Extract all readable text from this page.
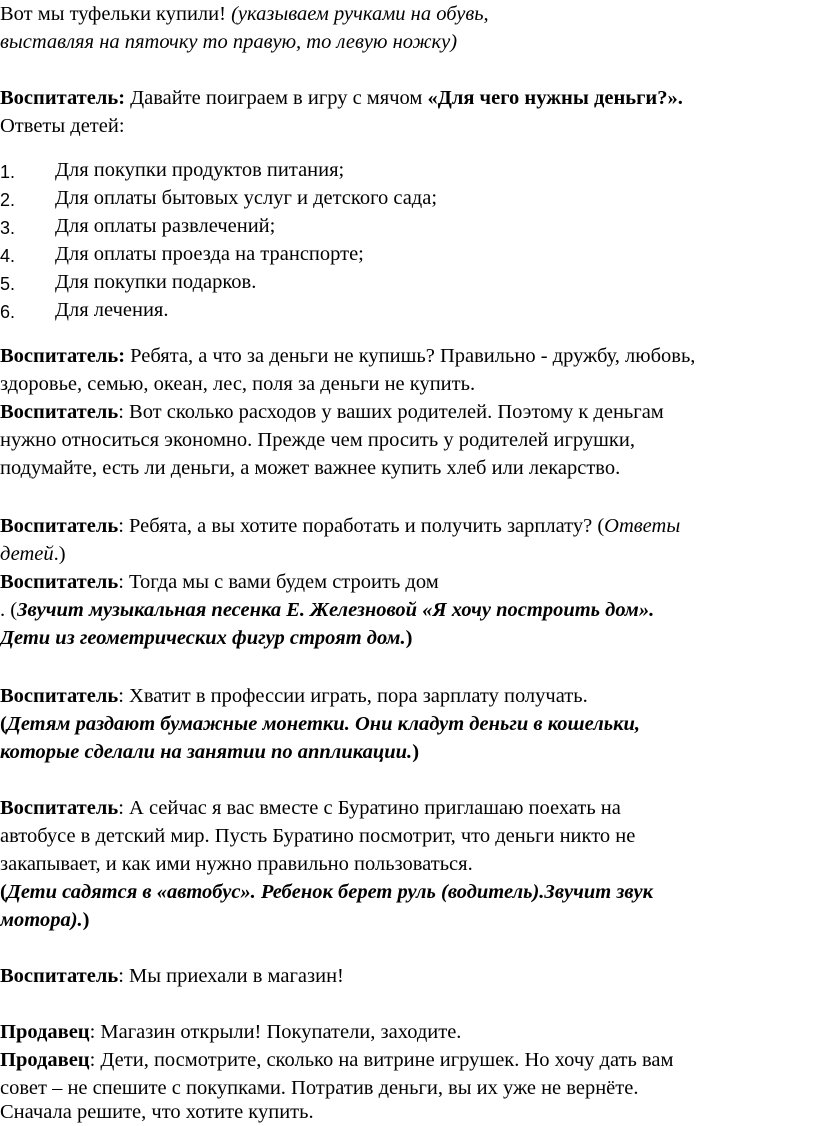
Вот мы туфельки купили! (указываем ручками на обувь,
выставляя на пяточку то правую, то левую ножку)
Воспитатель: Давайте поиграем в игру с мячом «Для чего нужны деньги?».
Ответы детей:
1. Для покупки продуктов питания;
2. Для оплаты бытовых услуг и детского сада;
3. Для оплаты развлечений;
4. Для оплаты проезда на транспорте;
5. Для покупки подарков.
6. Для лечения.
Воспитатель: Ребята, а что за деньги не купишь? Правильно - дружбу, любовь,
здоровье, семью, океан, лес, поля за деньги не купить.
Воспитатель: Вот сколько расходов у ваших родителей. Поэтому к деньгам
нужно относиться экономно. Прежде чем просить у родителей игрушки,
подумайте, есть ли деньги, а может важнее купить хлеб или лекарство.
Воспитатель: Ребята, а вы хотите поработать и получить зарплату? (Ответы
детей.)
Воспитатель: Тогда мы с вами будем строить дом
. (Звучит музыкальная песенка Е. Железновой «Я хочу построить дом».
Дети из геометрических фигур строят дом.)
Воспитатель: Хватит в профессии играть, пора зарплату получать.
(Детям раздают бумажные монетки. Они кладут деньги в кошельки,
которые сделали на занятии по аппликации.)
Воспитатель: А сейчас я вас вместе с Буратино приглашаю поехать на
автобусе в детский мир. Пусть Буратино посмотрит, что деньги никто не
закапывает, и как ими нужно правильно пользоваться.
(Дети садятся в «автобус». Ребенок берет руль (водитель).Звучит звук
мотора).)
Воспитатель: Мы приехали в магазин!
Продавец: Магазин открыли! Покупатели, заходите.
Продавец: Дети, посмотрите, сколько на витрине игрушек. Но хочу дать вам
совет – не спешите с покупками. Потратив деньги, вы их уже не вернёте.
Сначала решите, что хотите купить.
